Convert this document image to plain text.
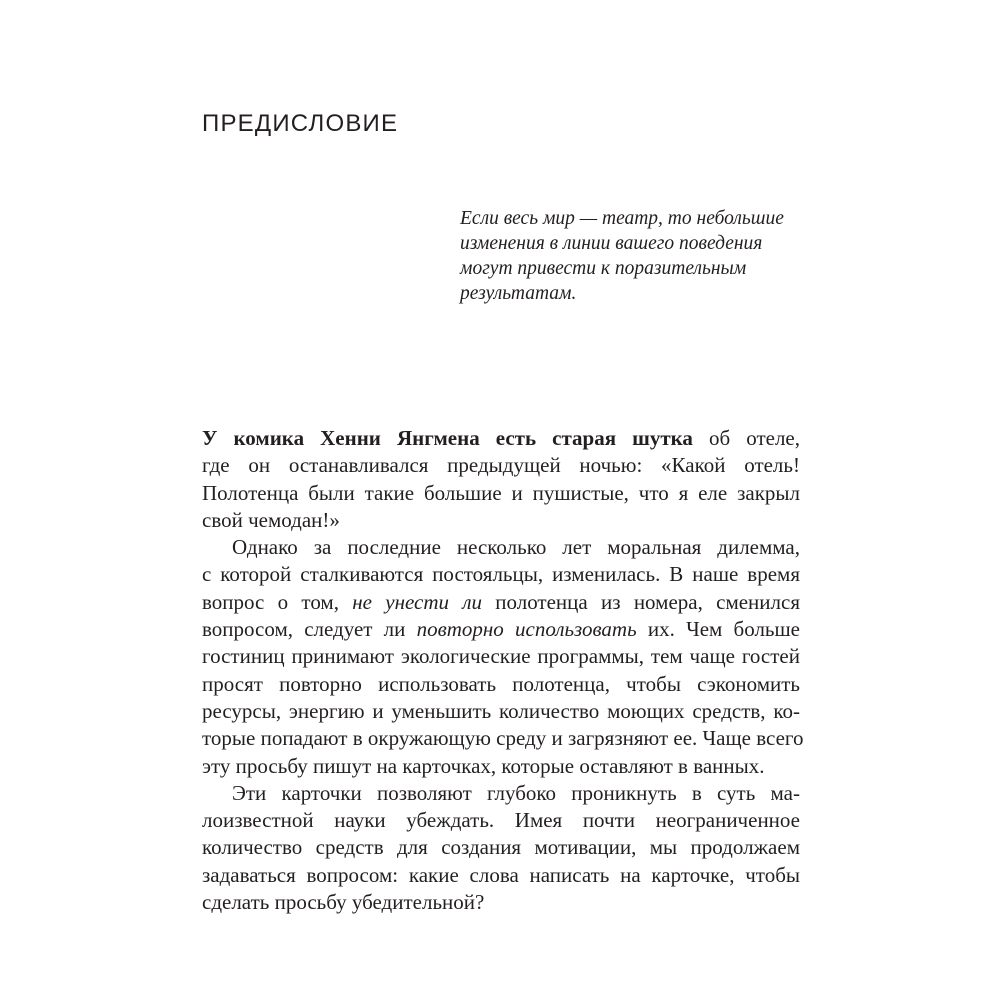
ПРЕДИСЛОВИЕ
Если весь мир — театр, то небольшие
изменения в линии вашего поведения
могут привести к поразительным
результатам.
У комика Хенни Янгмена есть старая шутка об отеле,
где он останавливался предыдущей ночью: «Какой отель!
Полотенца были такие большие и пушистые, что я еле закрыл
свой чемодан!»
Однако за последние несколько лет моральная дилемма,
с которой сталкиваются постояльцы, изменилась. В наше время
вопрос о том, не унести ли полотенца из номера, сменился
вопросом, следует ли повторно использовать их. Чем больше
гостиниц принимают экологические программы, тем чаще гостей
просят повторно использовать полотенца, чтобы сэкономить
ресурсы, энергию и уменьшить количество моющих средств, ко-
торые попадают в окружающую среду и загрязняют ее. Чаще всего
эту просьбу пишут на карточках, которые оставляют в ванных.
Эти карточки позволяют глубоко проникнуть в суть ма-
лоизвестной науки убеждать. Имея почти неограниченное
количество средств для создания мотивации, мы продолжаем
задаваться вопросом: какие слова написать на карточке, чтобы
сделать просьбу убедительной?
